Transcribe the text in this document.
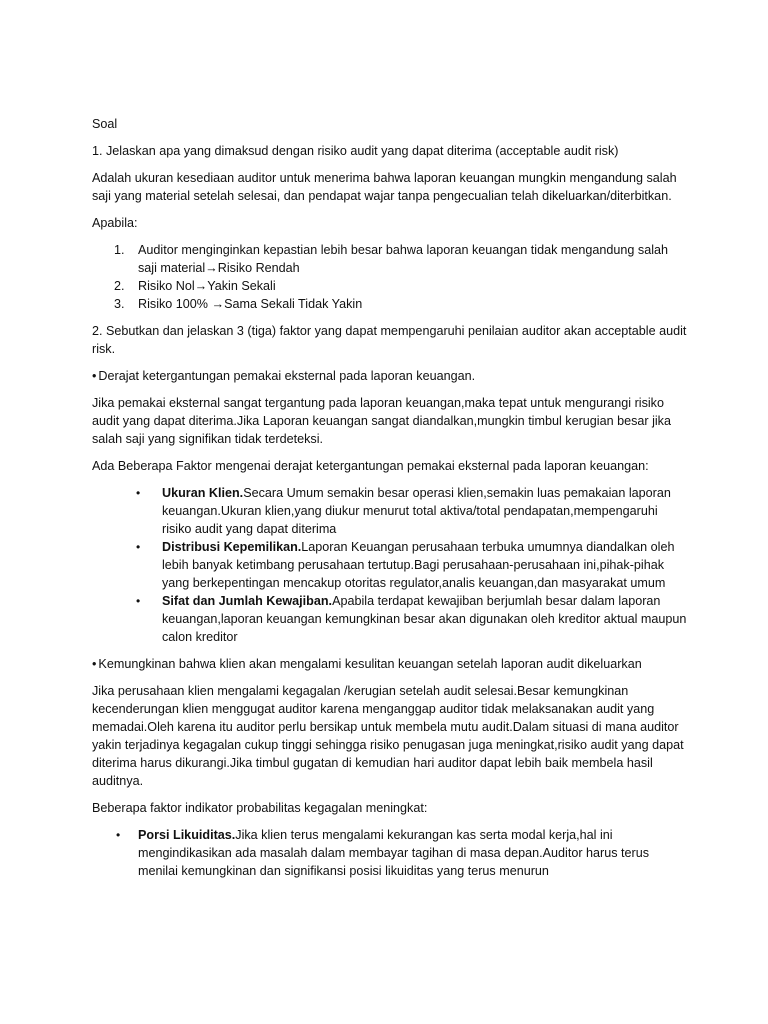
Soal

1. Jelaskan apa yang dimaksud dengan risiko audit yang dapat diterima (acceptable audit risk)

Adalah ukuran kesediaan auditor untuk menerima bahwa laporan keuangan mungkin mengandung salah saji yang material setelah selesai, dan pendapat wajar tanpa pengecualian telah dikeluarkan/diterbitkan.

Apabila:

1. Auditor menginginkan kepastian lebih besar bahwa laporan keuangan tidak mengandung salah saji material→Risiko Rendah
2. Risiko Nol→Yakin Sekali
3. Risiko 100% →Sama Sekali Tidak Yakin

2. Sebutkan dan jelaskan 3 (tiga) faktor yang dapat mempengaruhi penilaian auditor akan acceptable audit risk.

• Derajat ketergantungan pemakai eksternal pada laporan keuangan.

Jika pemakai eksternal sangat tergantung pada laporan keuangan,maka tepat untuk mengurangi risiko audit yang dapat diterima.Jika Laporan keuangan sangat diandalkan,mungkin timbul kerugian besar jika salah saji yang signifikan tidak terdeteksi.

Ada Beberapa Faktor mengenai derajat ketergantungan pemakai eksternal pada laporan keuangan:

• Ukuran Klien.Secara Umum semakin besar operasi klien,semakin luas pemakaian laporan keuangan.Ukuran klien,yang diukur menurut total aktiva/total pendapatan,mempengaruhi risiko audit yang dapat diterima
• Distribusi Kepemilikan.Laporan Keuangan perusahaan terbuka umumnya diandalkan oleh lebih banyak ketimbang perusahaan tertutup.Bagi perusahaan-perusahaan ini,pihak-pihak yang berkepentingan mencakup otoritas regulator,analis keuangan,dan masyarakat umum
• Sifat dan Jumlah Kewajiban.Apabila terdapat kewajiban berjumlah besar dalam laporan keuangan,laporan keuangan kemungkinan besar akan digunakan oleh kreditor aktual maupun calon kreditor

• Kemungkinan bahwa klien akan mengalami kesulitan keuangan setelah laporan audit dikeluarkan

Jika perusahaan klien mengalami kegagalan /kerugian setelah audit selesai.Besar kemungkinan kecenderungan klien menggugat auditor karena menganggap auditor tidak melaksanakan audit yang memadai.Oleh karena itu auditor perlu bersikap untuk membela mutu audit.Dalam situasi di mana auditor yakin terjadinya kegagalan cukup tinggi sehingga risiko penugasan juga meningkat,risiko audit yang dapat diterima harus dikurangi.Jika timbul gugatan di kemudian hari auditor dapat lebih baik membela hasil auditnya.

Beberapa faktor indikator probabilitas kegagalan meningkat:

• Porsi Likuiditas.Jika klien terus mengalami kekurangan kas serta modal kerja,hal ini mengindikasikan ada masalah dalam membayar tagihan di masa depan.Auditor harus terus menilai kemungkinan dan signifikansi posisi likuiditas yang terus menurun
